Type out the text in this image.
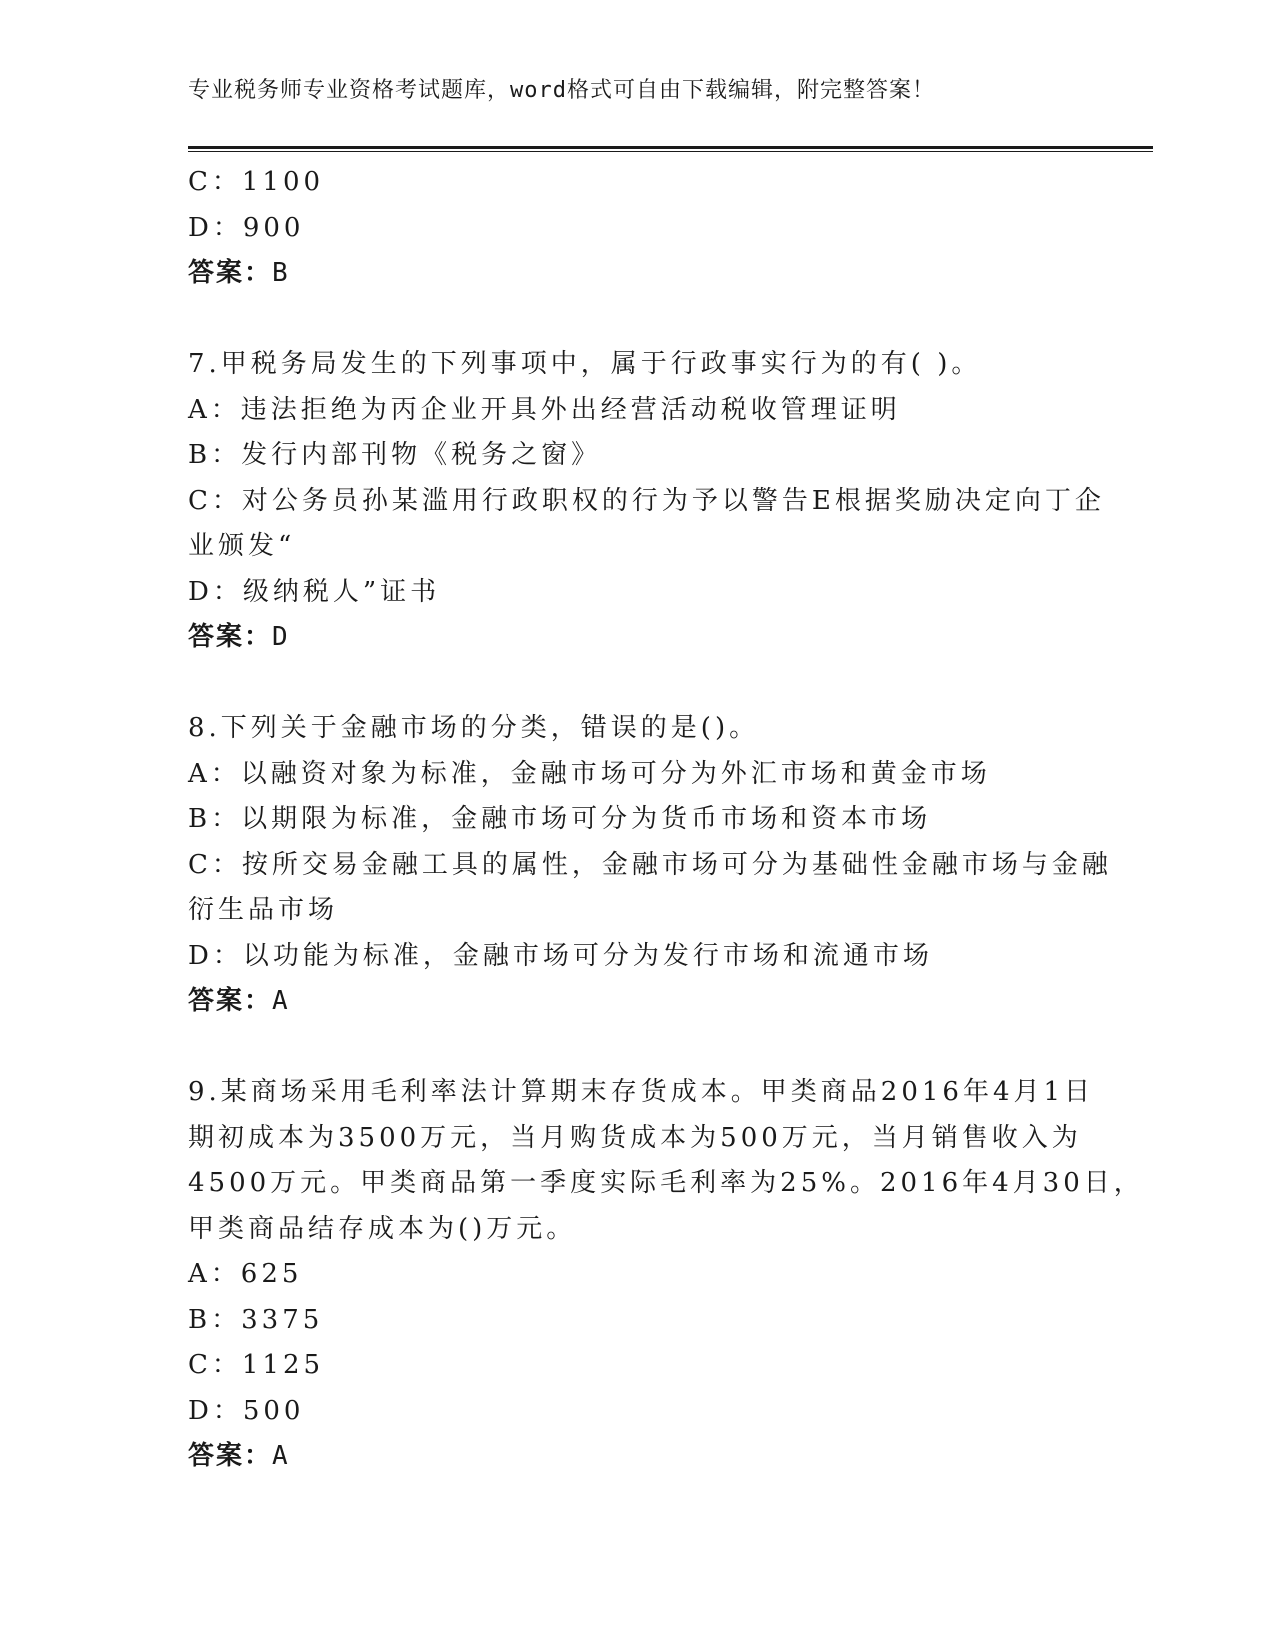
专业税务师专业资格考试题库，word格式可自由下载编辑，附完整答案！
C：1100
D：900
答案：B
7.甲税务局发生的下列事项中，属于行政事实行为的有( )。
A：违法拒绝为丙企业开具外出经营活动税收管理证明
B：发行内部刊物《税务之窗》
C：对公务员孙某滥用行政职权的行为予以警告E根据奖励决定向丁企
业颁发“
D：级纳税人”证书
答案：D
8.下列关于金融市场的分类，错误的是()。
A：以融资对象为标准，金融市场可分为外汇市场和黄金市场
B：以期限为标准，金融市场可分为货币市场和资本市场
C：按所交易金融工具的属性，金融市场可分为基础性金融市场与金融
衍生品市场
D：以功能为标准，金融市场可分为发行市场和流通市场
答案：A
9.某商场采用毛利率法计算期末存货成本。甲类商品2016年4月1日
期初成本为3500万元，当月购货成本为500万元，当月销售收入为
4500万元。甲类商品第一季度实际毛利率为25%。2016年4月30日，
甲类商品结存成本为()万元。
A：625
B：3375
C：1125
D：500
答案：A
